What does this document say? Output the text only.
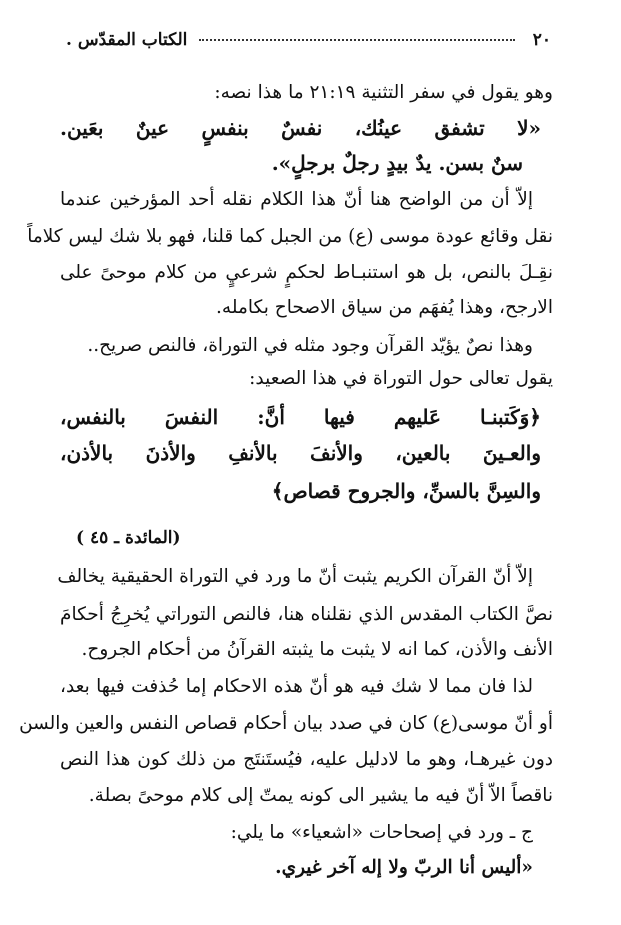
٢٠
الكتاب المقدّس .
وهو يقول في سفر التثنية ٢١:١٩ ما هذا نصه:
«لا تشفق عينُك، نفسٌ بنفسٍ عينٌ بعَين.
سنٌ بسن. يدٌ بيدٍ رجلٌ برجلٍ».
إلاّ أن من الواضح هنا أنّ هذا الكلام نقله أحد المؤرخين عندما
نقل وقائع عودة موسى (ع) من الجبل كما قلنا، فهو بلا شك ليس كلاماً
نقِـلَ بالنص، بل هو استنبـاط لحكمٍ شرعيٍ من كلام موحىً على
الارجح، وهذا يُفهَم من سياق الاصحاح بكامله.
وهذا نصٌ يؤيّد القرآن وجود مثله في التوراة، فالنص صريح..
يقول تعالى حول التوراة في هذا الصعيد:
﴿وَكَتبنـا عَليهم فيها أنَّ: النفسَ بالنفس،
والعـينَ بالعين، والأنفَ بالأنفِ والأذنَ بالأذن،
والسِنَّ بالسنِّ، والجروح قصاص﴾
(المائدة ـ ٤٥ )
إلاّ أنّ القرآن الكريم يثبت أنّ ما ورد في التوراة الحقيقية يخالف
نصَّ الكتاب المقدس الذي نقلناه هنا، فالنص التوراتي يُخرِجُ أحكامَ
الأنف والأذن، كما انه لا يثبت ما يثبته القرآنُ من أحكام الجروح.
لذا فان مما لا شك فيه هو أنّ هذه الاحكام إما حُذفت فيها بعد،
أو أنّ موسى(ع) كان في صدد بيان أحكام قصاص النفس والعين والسن
دون غيرهـا، وهو ما لادليل عليه، فيُستَنتَج من ذلك كون هذا النص
ناقصاً الاّ أنّ فيه ما يشير الى كونه يمتّ إلى كلام موحىً بصلة.
ج ـ ورد في إصحاحات «اشعياء» ما يلي:
«أليس أنا الربّ ولا إله آخر غيري.
